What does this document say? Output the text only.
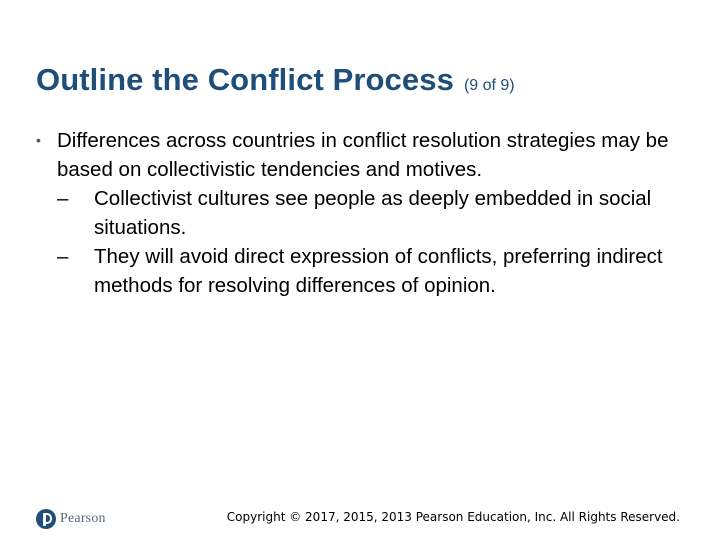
Outline the Conflict Process (9 of 9)
• Differences across countries in conflict resolution strategies may be based on collectivistic tendencies and motives.
–	Collectivist cultures see people as deeply embedded in social situations.
–	They will avoid direct expression of conflicts, preferring indirect methods for resolving differences of opinion.
Pearson	Copyright © 2017, 2015, 2013 Pearson Education, Inc. All Rights Reserved.
